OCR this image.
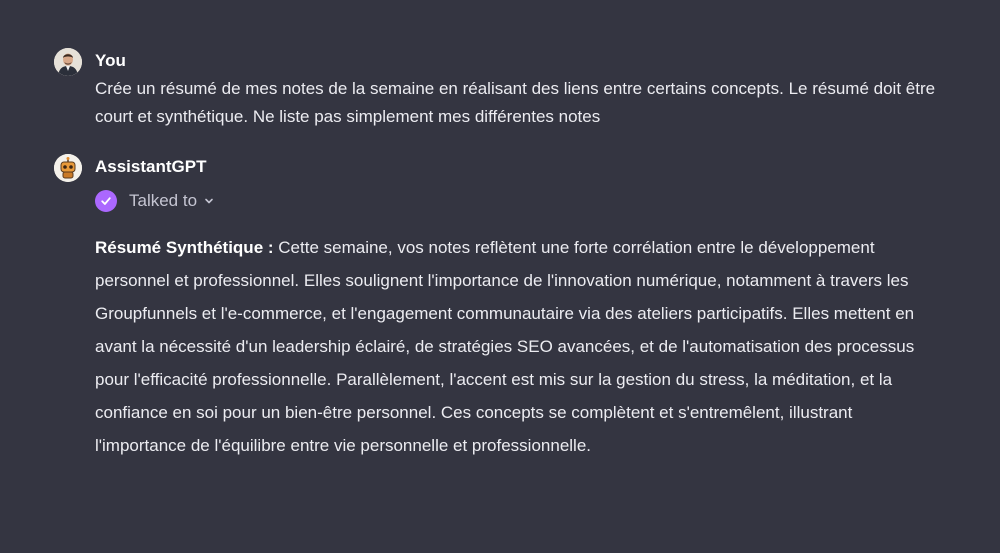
You
Crée un résumé de mes notes de la semaine en réalisant des liens entre certains concepts. Le résumé doit être court et synthétique. Ne liste pas simplement mes différentes notes
AssistantGPT
Talked to
Résumé Synthétique : Cette semaine, vos notes reflètent une forte corrélation entre le développement personnel et professionnel. Elles soulignent l'importance de l'innovation numérique, notamment à travers les Groupfunnels et l'e-commerce, et l'engagement communautaire via des ateliers participatifs. Elles mettent en avant la nécessité d'un leadership éclairé, de stratégies SEO avancées, et de l'automatisation des processus pour l'efficacité professionnelle. Parallèlement, l'accent est mis sur la gestion du stress, la méditation, et la confiance en soi pour un bien-être personnel. Ces concepts se complètent et s'entremêlent, illustrant l'importance de l'équilibre entre vie personnelle et professionnelle.
